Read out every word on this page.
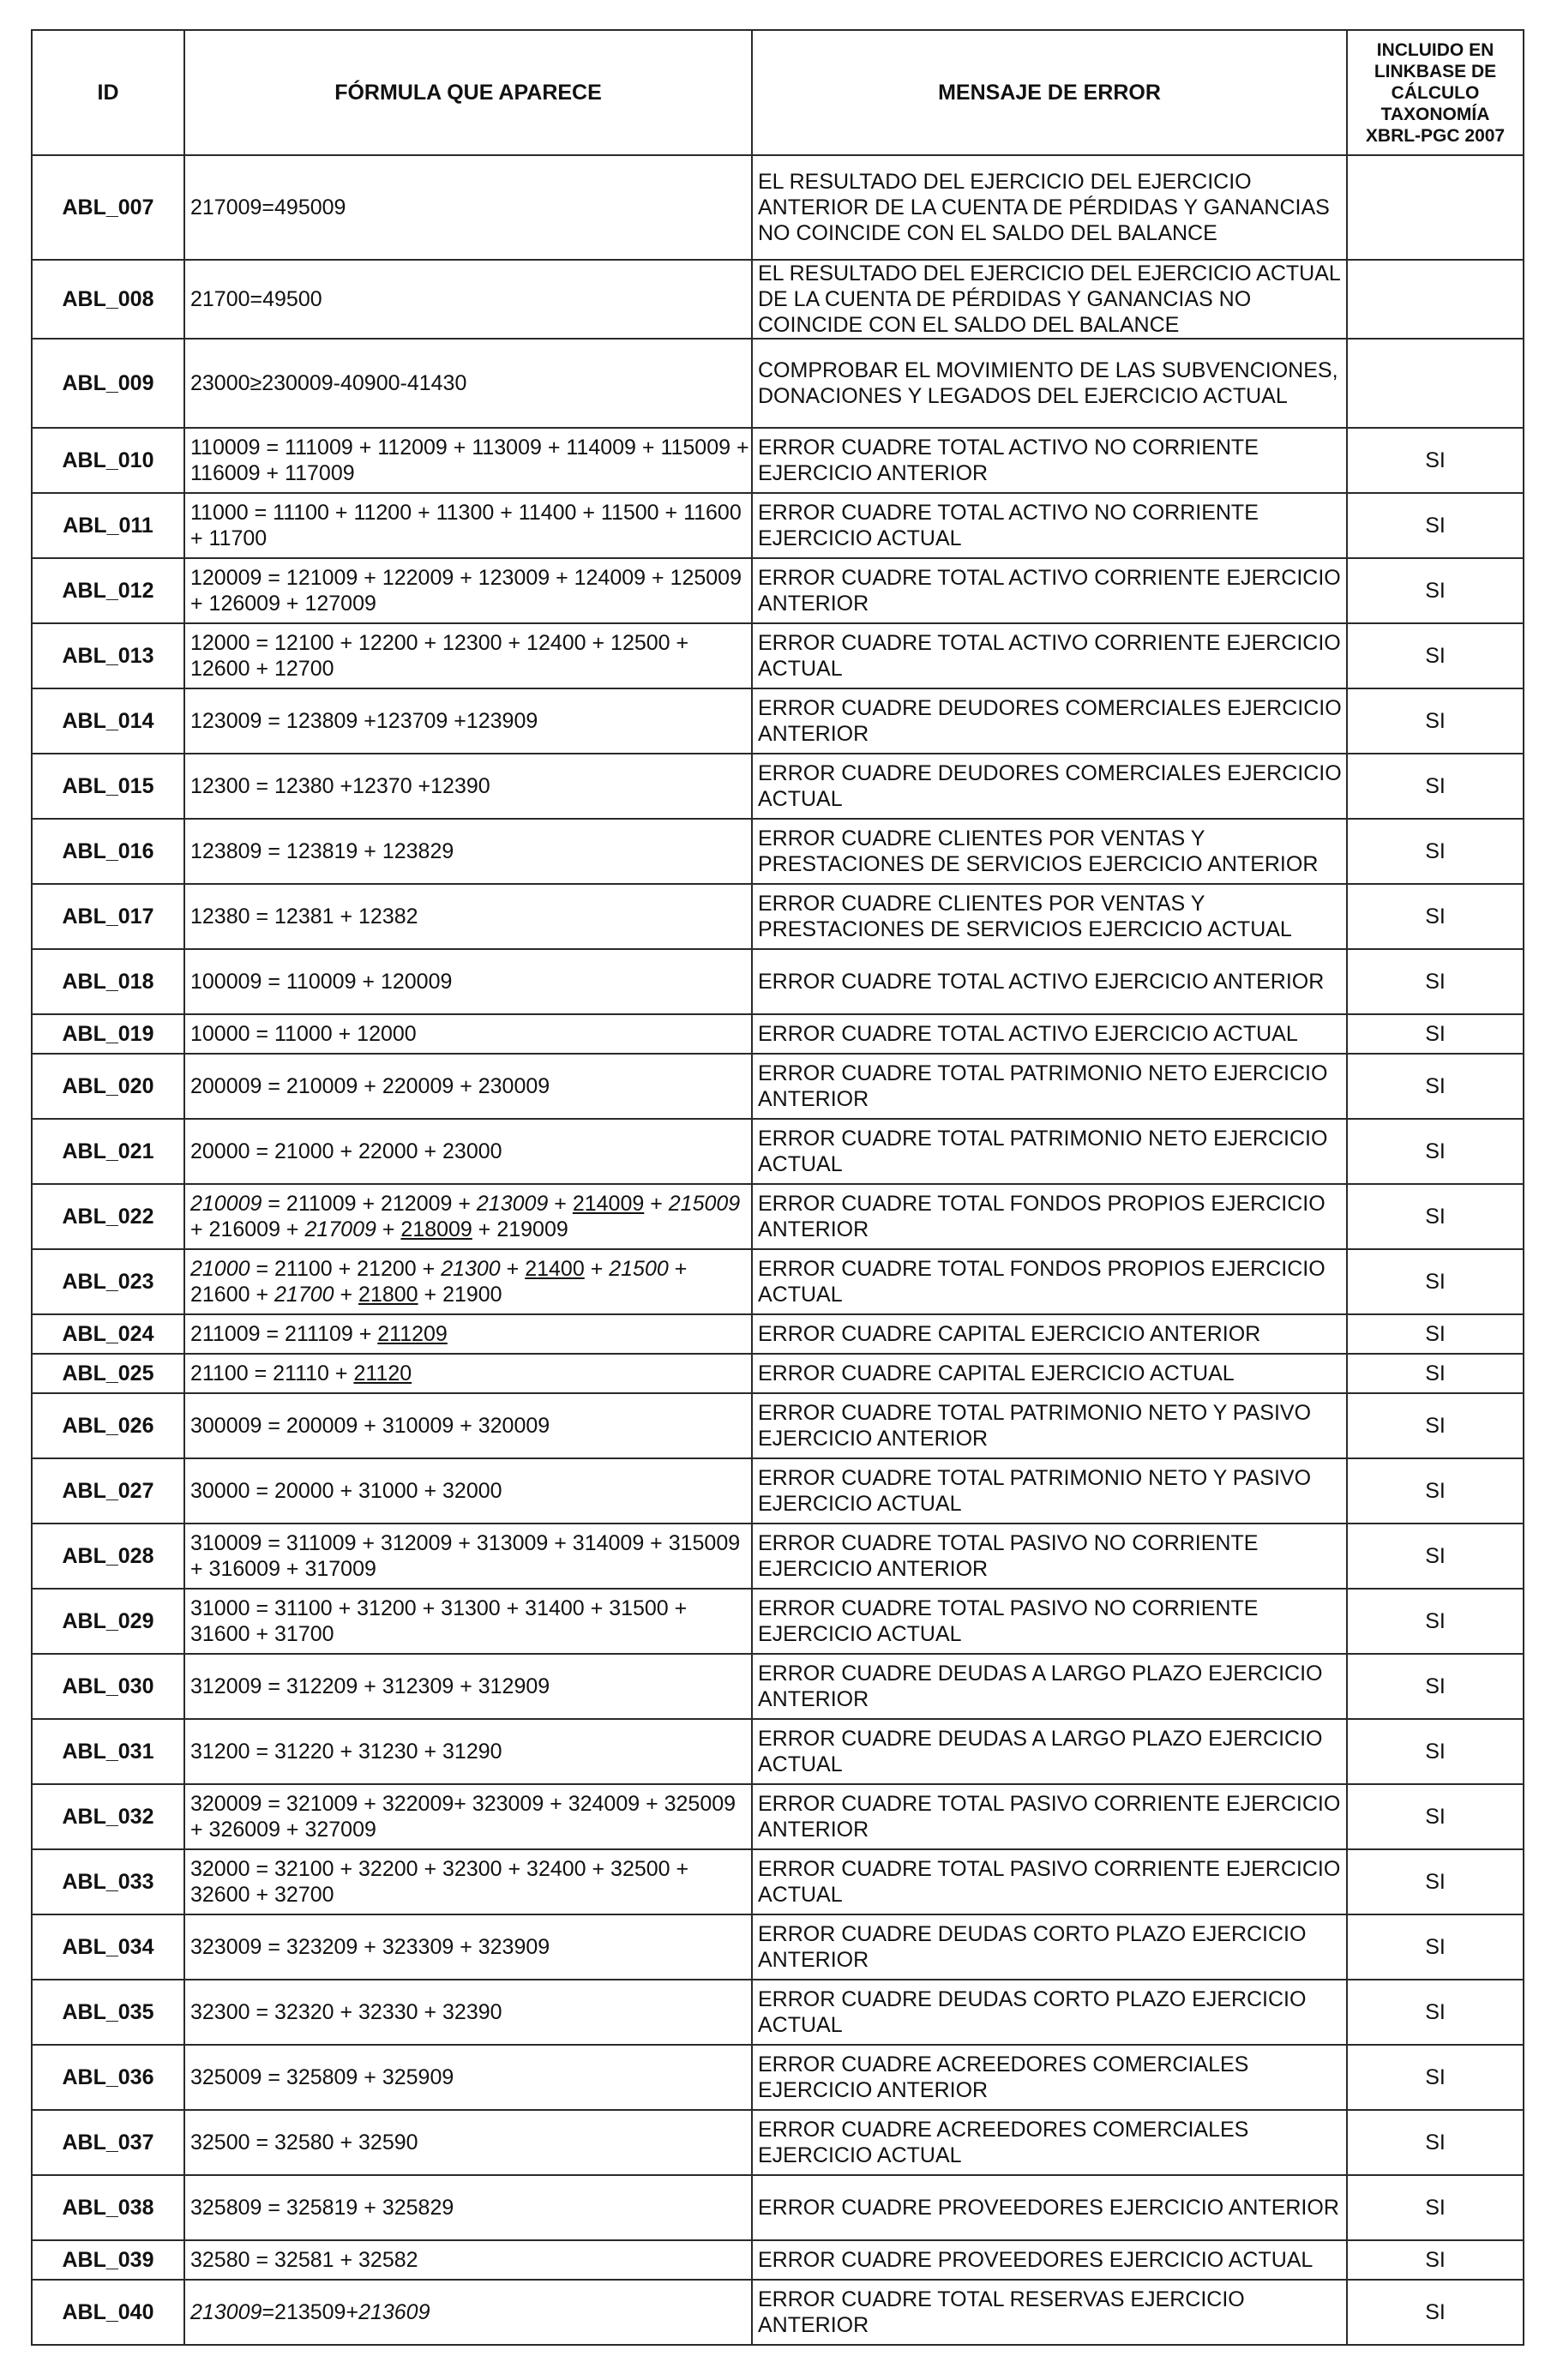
ID	FÓRMULA QUE APARECE	MENSAJE DE ERROR	INCLUIDO EN LINKBASE DE CÁLCULO TAXONOMÍA XBRL-PGC 2007
ABL_007	217009=495009	EL RESULTADO DEL EJERCICIO DEL EJERCICIO ANTERIOR DE LA CUENTA DE PÉRDIDAS Y GANANCIAS NO COINCIDE CON EL SALDO DEL BALANCE	
ABL_008	21700=49500	EL RESULTADO DEL EJERCICIO DEL EJERCICIO ACTUAL DE LA CUENTA DE PÉRDIDAS Y GANANCIAS NO COINCIDE CON EL SALDO DEL BALANCE	
ABL_009	23000≥230009-40900-41430	COMPROBAR EL MOVIMIENTO DE LAS SUBVENCIONES, DONACIONES Y LEGADOS DEL EJERCICIO ACTUAL	
ABL_010	110009 = 111009 + 112009 + 113009 + 114009 + 115009 + 116009 + 117009	ERROR CUADRE TOTAL ACTIVO NO CORRIENTE EJERCICIO ANTERIOR	SI
ABL_011	11000 = 11100 + 11200 + 11300 + 11400 + 11500 + 11600 + 11700	ERROR CUADRE TOTAL ACTIVO NO CORRIENTE EJERCICIO ACTUAL	SI
ABL_012	120009 = 121009 + 122009 + 123009 + 124009 + 125009 + 126009 + 127009	ERROR CUADRE TOTAL ACTIVO CORRIENTE EJERCICIO ANTERIOR	SI
ABL_013	12000 = 12100 + 12200 + 12300 + 12400 + 12500 + 12600 + 12700	ERROR CUADRE TOTAL ACTIVO CORRIENTE EJERCICIO ACTUAL	SI
ABL_014	123009 = 123809 +123709 +123909	ERROR CUADRE DEUDORES COMERCIALES EJERCICIO ANTERIOR	SI
ABL_015	12300 = 12380 +12370 +12390	ERROR CUADRE DEUDORES COMERCIALES EJERCICIO ACTUAL	SI
ABL_016	123809 = 123819 + 123829	ERROR CUADRE CLIENTES POR VENTAS Y PRESTACIONES DE SERVICIOS EJERCICIO ANTERIOR	SI
ABL_017	12380 = 12381 + 12382	ERROR CUADRE CLIENTES POR VENTAS Y PRESTACIONES DE SERVICIOS EJERCICIO ACTUAL	SI
ABL_018	100009 = 110009 + 120009	ERROR CUADRE TOTAL ACTIVO EJERCICIO ANTERIOR	SI
ABL_019	10000 = 11000 + 12000	ERROR CUADRE TOTAL ACTIVO EJERCICIO ACTUAL	SI
ABL_020	200009 = 210009 + 220009 + 230009	ERROR CUADRE TOTAL PATRIMONIO NETO EJERCICIO ANTERIOR	SI
ABL_021	20000 = 21000 + 22000 + 23000	ERROR CUADRE TOTAL PATRIMONIO NETO EJERCICIO ACTUAL	SI
ABL_022	210009 = 211009 + 212009 + 213009 + 214009 + 215009 + 216009 + 217009 + 218009 + 219009	ERROR CUADRE TOTAL FONDOS PROPIOS EJERCICIO ANTERIOR	SI
ABL_023	21000 = 21100 + 21200 + 21300 + 21400 + 21500 + 21600 + 21700 + 21800 + 21900	ERROR CUADRE TOTAL FONDOS PROPIOS EJERCICIO ACTUAL	SI
ABL_024	211009 = 211109 + 211209	ERROR CUADRE CAPITAL EJERCICIO ANTERIOR	SI
ABL_025	21100 = 21110 + 21120	ERROR CUADRE CAPITAL EJERCICIO ACTUAL	SI
ABL_026	300009 = 200009 + 310009 + 320009	ERROR CUADRE TOTAL PATRIMONIO NETO Y PASIVO EJERCICIO ANTERIOR	SI
ABL_027	30000 = 20000 + 31000 + 32000	ERROR CUADRE TOTAL PATRIMONIO NETO Y PASIVO EJERCICIO ACTUAL	SI
ABL_028	310009 = 311009 + 312009 + 313009 + 314009 + 315009 + 316009 + 317009	ERROR CUADRE TOTAL PASIVO NO CORRIENTE EJERCICIO ANTERIOR	SI
ABL_029	31000 = 31100 + 31200 + 31300 + 31400 + 31500 + 31600 + 31700	ERROR CUADRE TOTAL PASIVO NO CORRIENTE EJERCICIO ACTUAL	SI
ABL_030	312009 = 312209 + 312309 + 312909	ERROR CUADRE DEUDAS A LARGO PLAZO EJERCICIO ANTERIOR	SI
ABL_031	31200 = 31220 + 31230 + 31290	ERROR CUADRE DEUDAS A LARGO PLAZO EJERCICIO ACTUAL	SI
ABL_032	320009 = 321009 + 322009+ 323009 + 324009 + 325009 + 326009 + 327009	ERROR CUADRE TOTAL PASIVO CORRIENTE EJERCICIO ANTERIOR	SI
ABL_033	32000 = 32100 + 32200 + 32300 + 32400 + 32500 + 32600 + 32700	ERROR CUADRE TOTAL PASIVO CORRIENTE EJERCICIO ACTUAL	SI
ABL_034	323009 = 323209 + 323309 + 323909	ERROR CUADRE DEUDAS CORTO PLAZO EJERCICIO ANTERIOR	SI
ABL_035	32300 = 32320 + 32330 + 32390	ERROR CUADRE DEUDAS CORTO PLAZO EJERCICIO ACTUAL	SI
ABL_036	325009 = 325809 + 325909	ERROR CUADRE ACREEDORES COMERCIALES EJERCICIO ANTERIOR	SI
ABL_037	32500 = 32580 + 32590	ERROR CUADRE ACREEDORES COMERCIALES EJERCICIO ACTUAL	SI
ABL_038	325809 = 325819 + 325829	ERROR CUADRE PROVEEDORES EJERCICIO ANTERIOR	SI
ABL_039	32580 = 32581 + 32582	ERROR CUADRE PROVEEDORES EJERCICIO ACTUAL	SI
ABL_040	213009=213509+213609	ERROR CUADRE TOTAL RESERVAS EJERCICIO ANTERIOR	SI
